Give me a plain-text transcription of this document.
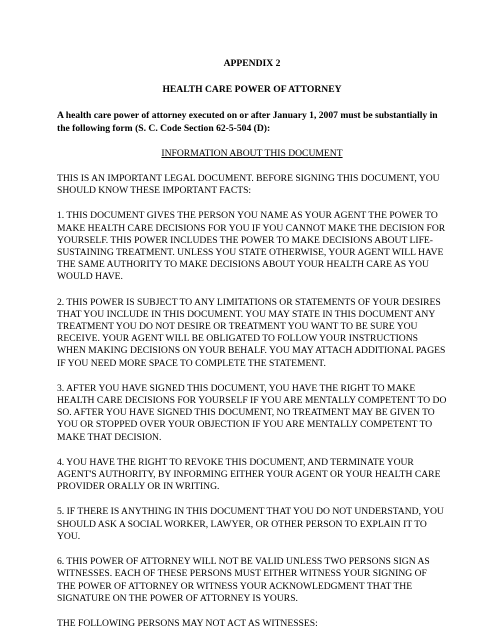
APPENDIX 2

HEALTH CARE POWER OF ATTORNEY

A health care power of attorney executed on or after January 1, 2007 must be substantially in the following form (S. C. Code Section 62-5-504 (D):

INFORMATION ABOUT THIS DOCUMENT

THIS IS AN IMPORTANT LEGAL DOCUMENT. BEFORE SIGNING THIS DOCUMENT, YOU SHOULD KNOW THESE IMPORTANT FACTS:

1. THIS DOCUMENT GIVES THE PERSON YOU NAME AS YOUR AGENT THE POWER TO MAKE HEALTH CARE DECISIONS FOR YOU IF YOU CANNOT MAKE THE DECISION FOR YOURSELF. THIS POWER INCLUDES THE POWER TO MAKE DECISIONS ABOUT LIFE-SUSTAINING TREATMENT. UNLESS YOU STATE OTHERWISE, YOUR AGENT WILL HAVE THE SAME AUTHORITY TO MAKE DECISIONS ABOUT YOUR HEALTH CARE AS YOU WOULD HAVE.

2. THIS POWER IS SUBJECT TO ANY LIMITATIONS OR STATEMENTS OF YOUR DESIRES THAT YOU INCLUDE IN THIS DOCUMENT. YOU MAY STATE IN THIS DOCUMENT ANY TREATMENT YOU DO NOT DESIRE OR TREATMENT YOU WANT TO BE SURE YOU RECEIVE. YOUR AGENT WILL BE OBLIGATED TO FOLLOW YOUR INSTRUCTIONS WHEN MAKING DECISIONS ON YOUR BEHALF. YOU MAY ATTACH ADDITIONAL PAGES IF YOU NEED MORE SPACE TO COMPLETE THE STATEMENT.

3. AFTER YOU HAVE SIGNED THIS DOCUMENT, YOU HAVE THE RIGHT TO MAKE HEALTH CARE DECISIONS FOR YOURSELF IF YOU ARE MENTALLY COMPETENT TO DO SO. AFTER YOU HAVE SIGNED THIS DOCUMENT, NO TREATMENT MAY BE GIVEN TO YOU OR STOPPED OVER YOUR OBJECTION IF YOU ARE MENTALLY COMPETENT TO MAKE THAT DECISION.

4. YOU HAVE THE RIGHT TO REVOKE THIS DOCUMENT, AND TERMINATE YOUR AGENT'S AUTHORITY, BY INFORMING EITHER YOUR AGENT OR YOUR HEALTH CARE PROVIDER ORALLY OR IN WRITING.

5. IF THERE IS ANYTHING IN THIS DOCUMENT THAT YOU DO NOT UNDERSTAND, YOU SHOULD ASK A SOCIAL WORKER, LAWYER, OR OTHER PERSON TO EXPLAIN IT TO YOU.

6. THIS POWER OF ATTORNEY WILL NOT BE VALID UNLESS TWO PERSONS SIGN AS WITNESSES. EACH OF THESE PERSONS MUST EITHER WITNESS YOUR SIGNING OF THE POWER OF ATTORNEY OR WITNESS YOUR ACKNOWLEDGMENT THAT THE SIGNATURE ON THE POWER OF ATTORNEY IS YOURS.

THE FOLLOWING PERSONS MAY NOT ACT AS WITNESSES:
